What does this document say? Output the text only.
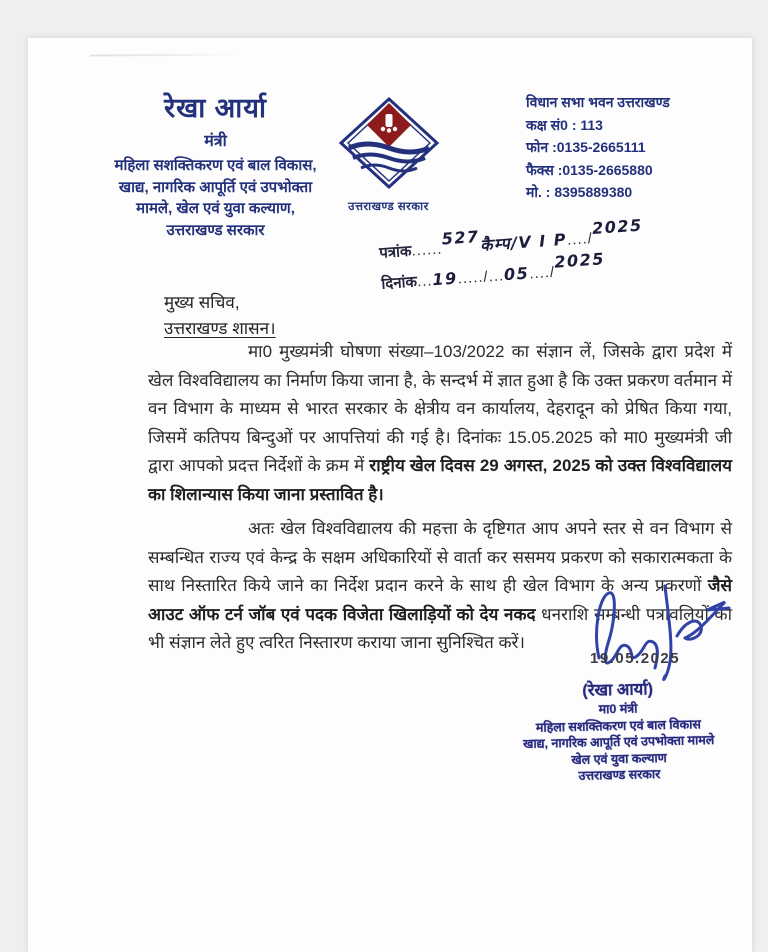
रेखा आर्या
मंत्री
महिला सशक्तिकरण एवं बाल विकास,
खाद्य, नागरिक आपूर्ति एवं उपभोक्ता
मामले, खेल एवं युवा कल्याण,
उत्तराखण्ड सरकार
उत्तराखण्ड सरकार
विधान सभा भवन उत्तराखण्ड
कक्ष सं0 : 113
फोन :0135-2665111
फैक्स :0135-2665880
मो. : 8395889380
पत्रांक......527कैम्प/V I P..../2025
दिनांक...19...../...05..../2025
मुख्य सचिव,
उत्तराखण्ड शासन।

मा0 मुख्यमंत्री घोषणा संख्या–103/2022 का संज्ञान लें, जिसके द्वारा प्रदेश में खेल विश्वविद्यालय का निर्माण किया जाना है, के सन्दर्भ में ज्ञात हुआ है कि उक्त प्रकरण वर्तमान में वन विभाग के माध्यम से भारत सरकार के क्षेत्रीय वन कार्यालय, देहरादून को प्रेषित किया गया, जिसमें कतिपय बिन्दुओं पर आपत्तियां की गई है। दिनांकः 15.05.2025 को मा0 मुख्यमंत्री जी द्वारा आपको प्रदत्त निर्देशों के क्रम में राष्ट्रीय खेल दिवस 29 अगस्त, 2025 को उक्त विश्वविद्यालय का शिलान्यास किया जाना प्रस्तावित है।

अतः खेल विश्वविद्यालय की महत्ता के दृष्टिगत आप अपने स्तर से वन विभाग से सम्बन्धित राज्य एवं केन्द्र के सक्षम अधिकारियों से वार्ता कर ससमय प्रकरण को सकारात्मकता के साथ निस्तारित किये जाने का निर्देश प्रदान करने के साथ ही खेल विभाग के अन्य प्रकरणों जैसे आउट ऑफ टर्न जॉब एवं पदक विजेता खिलाड़ियों को देय नकद धनराशि सम्बन्धी पत्रावलियों का भी संज्ञान लेते हुए त्वरित निस्तारण कराया जाना सुनिश्चित करें।

19.05.2025
(रेखा आर्या)
मा0 मंत्री
महिला सशक्तिकरण एवं बाल विकास
खाद्य, नागरिक आपूर्ति एवं उपभोक्ता मामले
खेल एवं युवा कल्याण
उत्तराखण्ड सरकार
